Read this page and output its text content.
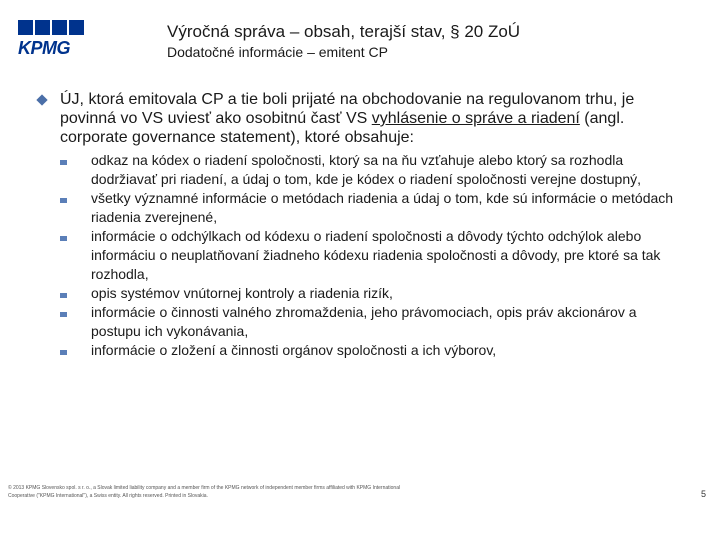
KPMG
Výročná správa – obsah, terajší stav, § 20 ZoÚ
Dodatočné informácie – emitent CP
ÚJ, ktorá emitovala CP a tie boli prijaté na obchodovanie na regulovanom trhu, je povinná vo VS uviesť ako osobitnú časť VS vyhlásenie o správe a riadení (angl. corporate governance statement), ktoré obsahuje:
odkaz na kódex o riadení spoločnosti, ktorý sa na ňu vzťahuje alebo ktorý sa rozhodla dodržiavať pri riadení, a údaj o tom, kde je kódex o riadení spoločnosti verejne dostupný,
všetky významné informácie o metódach riadenia a údaj o tom, kde sú informácie o metódach riadenia zverejnené,
informácie o odchýlkach od kódexu o riadení spoločnosti a dôvody týchto odchýlok alebo informáciu o neuplatňovaní žiadneho kódexu riadenia spoločnosti a dôvody, pre ktoré sa tak rozhodla,
opis systémov vnútornej kontroly a riadenia rizík,
informácie o činnosti valného zhromaždenia, jeho právomociach, opis práv akcionárov a postupu ich vykonávania,
informácie o zložení a činnosti orgánov spoločnosti a ich výborov,
© 2013 KPMG Slovensko spol. s r. o., a Slovak limited liability company and a member firm of the KPMG network of independent member firms affiliated with KPMG International
Cooperative ("KPMG International"), a Swiss entity. All rights reserved. Printed in Slovakia.	5
